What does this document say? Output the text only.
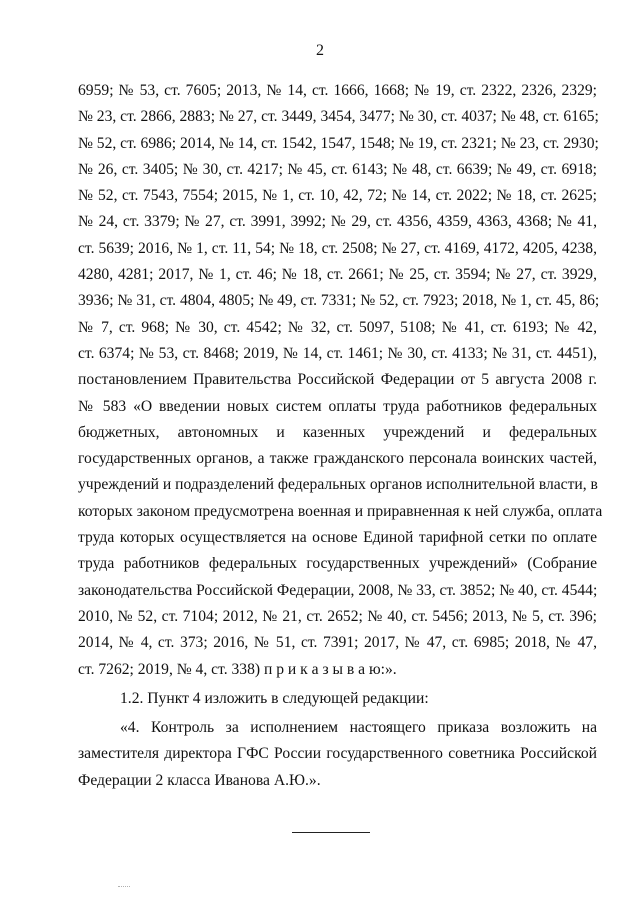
2
6959; № 53, ст. 7605; 2013, № 14, ст. 1666, 1668; № 19, ст. 2322, 2326, 2329;
№ 23, ст. 2866, 2883; № 27, ст. 3449, 3454, 3477; № 30, ст. 4037; № 48, ст. 6165;
№ 52, ст. 6986; 2014, № 14, ст. 1542, 1547, 1548; № 19, ст. 2321; № 23, ст. 2930;
№ 26, ст. 3405; № 30, ст. 4217; № 45, ст. 6143; № 48, ст. 6639; № 49, ст. 6918;
№ 52, ст. 7543, 7554; 2015, № 1, ст. 10, 42, 72; № 14, ст. 2022; № 18, ст. 2625;
№ 24, ст. 3379; № 27, ст. 3991, 3992; № 29, ст. 4356, 4359, 4363, 4368; № 41,
ст. 5639; 2016, № 1, ст. 11, 54; № 18, ст. 2508; № 27, ст. 4169, 4172, 4205, 4238,
4280, 4281; 2017, № 1, ст. 46; № 18, ст. 2661; № 25, ст. 3594; № 27, ст. 3929,
3936; № 31, ст. 4804, 4805; № 49, ст. 7331; № 52, ст. 7923; 2018, № 1, ст. 45, 86;
№ 7, ст. 968; № 30, ст. 4542; № 32, ст. 5097, 5108; № 41, ст. 6193; № 42,
ст. 6374; № 53, ст. 8468; 2019, № 14, ст. 1461; № 30, ст. 4133; № 31, ст. 4451),
постановлением Правительства Российской Федерации от 5 августа 2008 г.
№ 583 «О введении новых систем оплаты труда работников федеральных
бюджетных, автономных и казенных учреждений и федеральных
государственных органов, а также гражданского персонала воинских частей,
учреждений и подразделений федеральных органов исполнительной власти, в
которых законом предусмотрена военная и приравненная к ней служба, оплата
труда которых осуществляется на основе Единой тарифной сетки по оплате
труда работников федеральных государственных учреждений» (Собрание
законодательства Российской Федерации, 2008, № 33, ст. 3852; № 40, ст. 4544;
2010, № 52, ст. 7104; 2012, № 21, ст. 2652; № 40, ст. 5456; 2013, № 5, ст. 396;
2014, № 4, ст. 373; 2016, № 51, ст. 7391; 2017, № 47, ст. 6985; 2018, № 47,
ст. 7262; 2019, № 4, ст. 338) п р и к а з ы в а ю:».
1.2. Пункт 4 изложить в следующей редакции:
«4. Контроль за исполнением настоящего приказа возложить на
заместителя директора ГФС России государственного советника Российской
Федерации 2 класса Иванова А.Ю.».
